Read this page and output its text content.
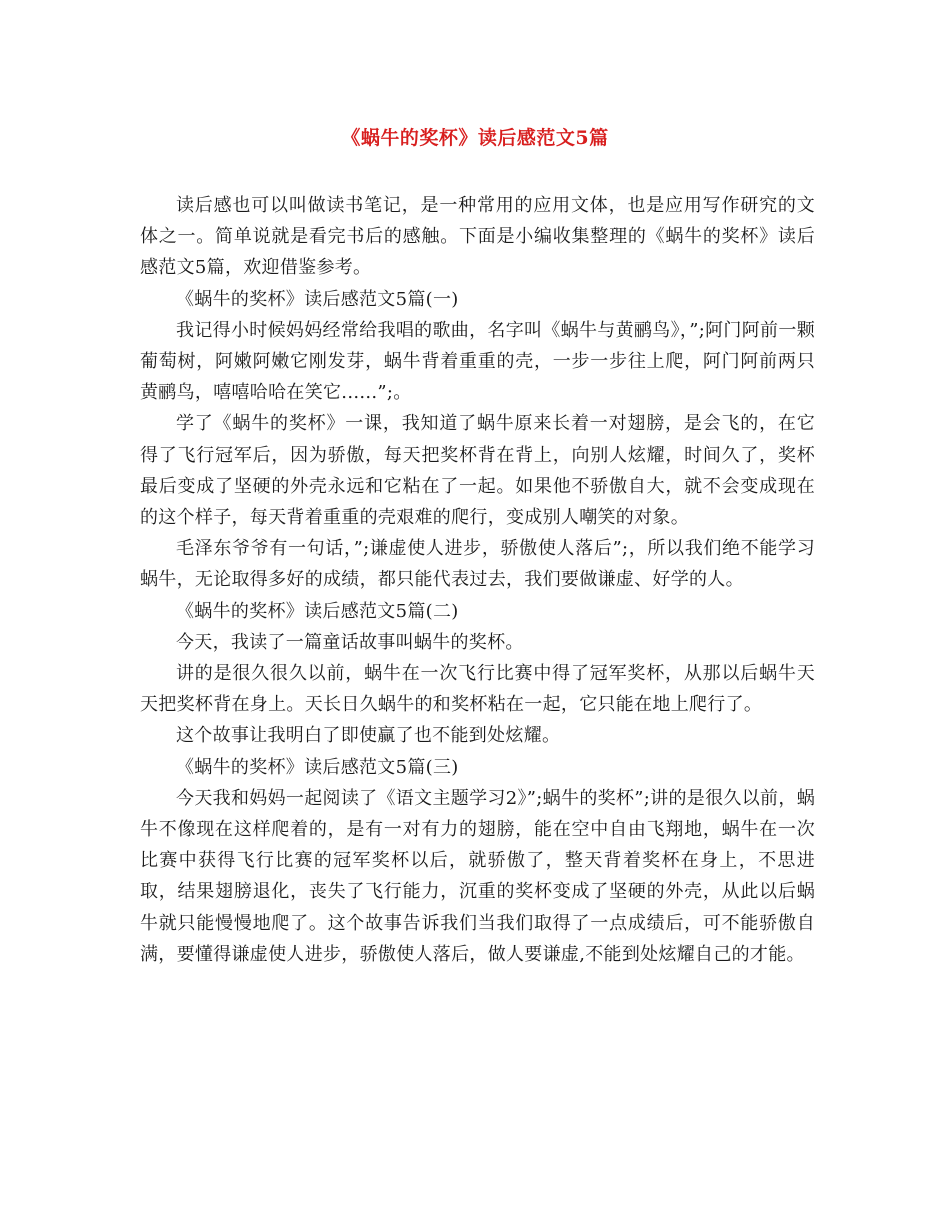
《蜗牛的奖杯》读后感范文5篇

读后感也可以叫做读书笔记，是一种常用的应用文体，也是应用写作研究的文体之一。简单说就是看完书后的感触。下面是小编收集整理的《蜗牛的奖杯》读后感范文5篇，欢迎借鉴参考。

《蜗牛的奖杯》读后感范文5篇(一)

我记得小时候妈妈经常给我唱的歌曲，名字叫《蜗牛与黄鹂鸟》，”;阿门阿前一颗葡萄树，阿嫩阿嫩它刚发芽，蜗牛背着重重的壳，一步一步往上爬，阿门阿前两只黄鹂鸟，嘻嘻哈哈在笑它......”;。

学了《蜗牛的奖杯》一课，我知道了蜗牛原来长着一对翅膀，是会飞的，在它得了飞行冠军后，因为骄傲，每天把奖杯背在背上，向别人炫耀，时间久了，奖杯最后变成了坚硬的外壳永远和它粘在了一起。如果他不骄傲自大，就不会变成现在的这个样子，每天背着重重的壳艰难的爬行，变成别人嘲笑的对象。

毛泽东爷爷有一句话，”;谦虚使人进步，骄傲使人落后”;，所以我们绝不能学习蜗牛，无论取得多好的成绩，都只能代表过去，我们要做谦虚、好学的人。

《蜗牛的奖杯》读后感范文5篇(二)

今天，我读了一篇童话故事叫蜗牛的奖杯。

讲的是很久很久以前，蜗牛在一次飞行比赛中得了冠军奖杯，从那以后蜗牛天天把奖杯背在身上。天长日久蜗牛的和奖杯粘在一起，它只能在地上爬行了。

这个故事让我明白了即使赢了也不能到处炫耀。

《蜗牛的奖杯》读后感范文5篇(三)

今天我和妈妈一起阅读了《语文主题学习2》”;蜗牛的奖杯”;讲的是很久以前，蜗牛不像现在这样爬着的，是有一对有力的翅膀，能在空中自由飞翔地，蜗牛在一次比赛中获得飞行比赛的冠军奖杯以后，就骄傲了，整天背着奖杯在身上，不思进取，结果翅膀退化，丧失了飞行能力，沉重的奖杯变成了坚硬的外壳，从此以后蜗牛就只能慢慢地爬了。这个故事告诉我们当我们取得了一点成绩后，可不能骄傲自满，要懂得谦虚使人进步，骄傲使人落后，做人要谦虚,不能到处炫耀自己的才能。
